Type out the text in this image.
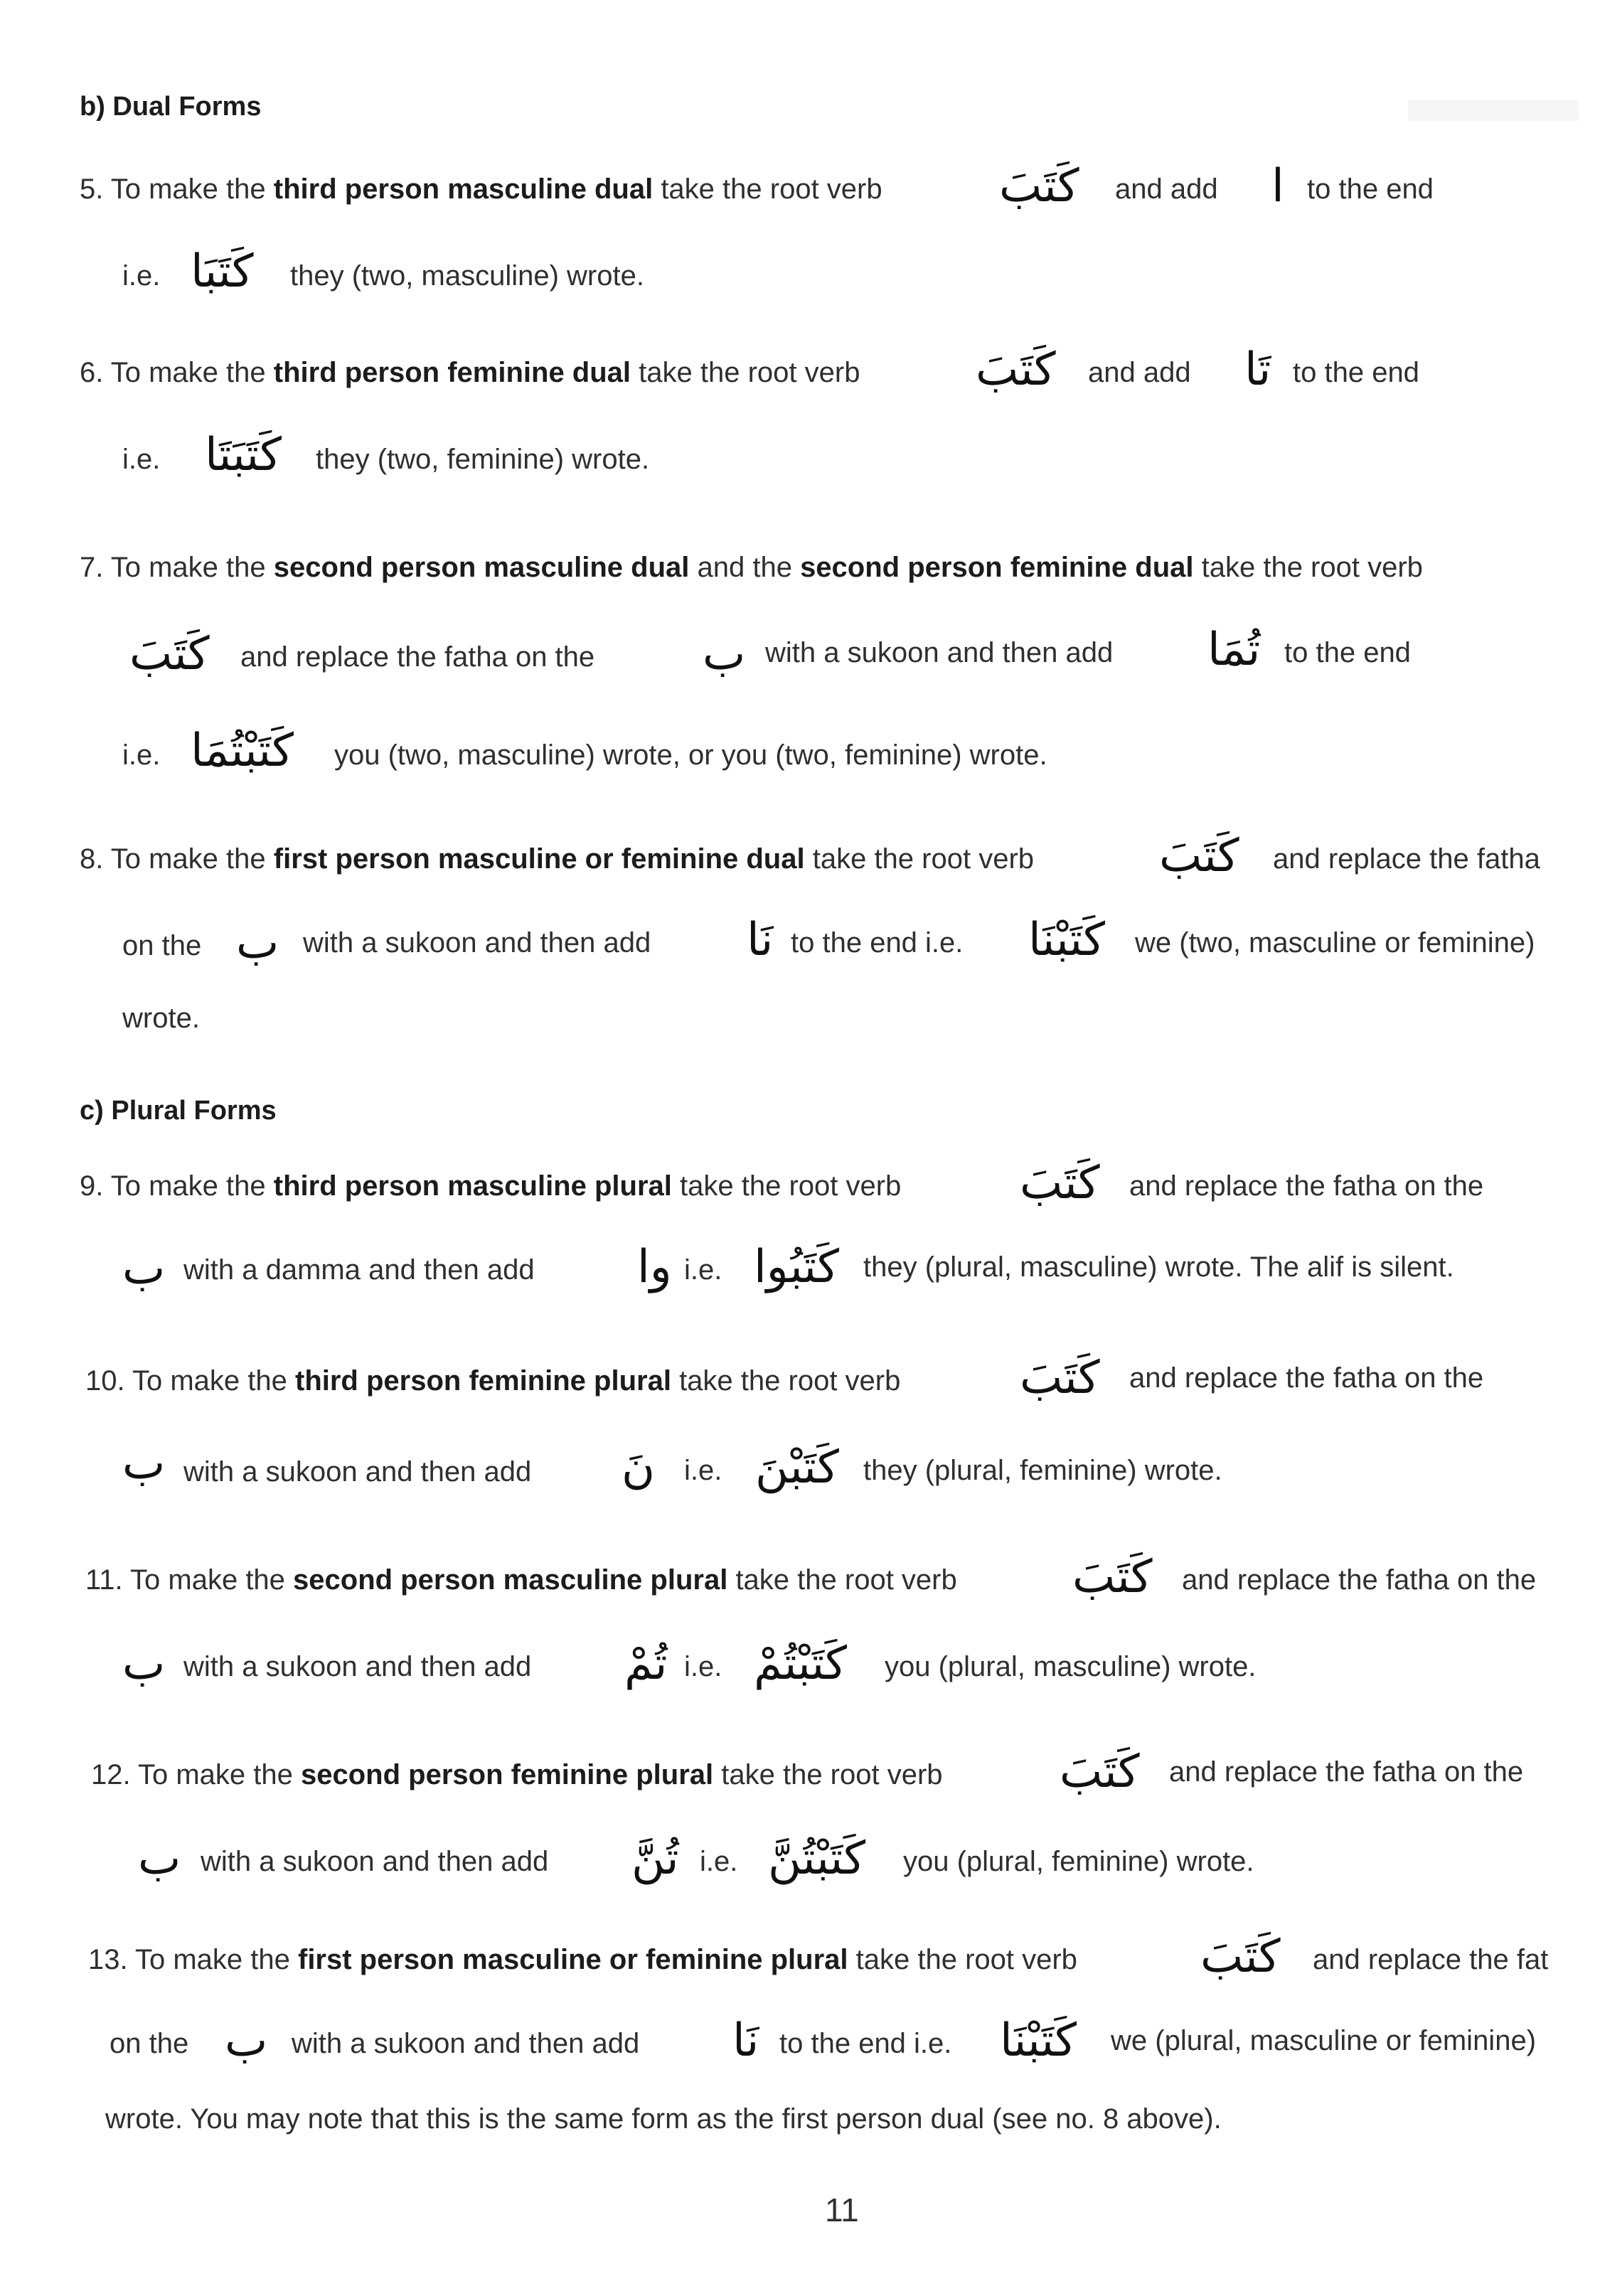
b) Dual Forms
5. To make the third person masculine dual take the root verb	كَتَبَ and add ا to the end
i.e. كَتَبَا they (two, masculine) wrote.
6. To make the third person feminine dual take the root verb	كَتَبَ and add تَا to the end
i.e. كَتَبَتَا they (two, feminine) wrote.
7. To make the second person masculine dual and the second person feminine dual take the root verb
كَتَبَ and replace the fatha on the ب with a sukoon and then add تُمَا to the end
i.e. كَتَبْتُمَا you (two, masculine) wrote, or you (two, feminine) wrote.
8. To make the first person masculine or feminine dual take the root verb	كَتَبَ and replace the fatha
on the ب with a sukoon and then add نَا to the end i.e. كَتَبْنَا we (two, masculine or feminine)
wrote.
c) Plural Forms
9. To make the third person masculine plural take the root verb	كَتَبَ and replace the fatha on the
ب with a damma and then add وا i.e. كَتَبُوا they (plural, masculine) wrote. The alif is silent.
10. To make the third person feminine plural take the root verb	كَتَبَ and replace the fatha on the
ب with a sukoon and then add نَ i.e. كَتَبْنَ they (plural, feminine) wrote.
11. To make the second person masculine plural take the root verb	كَتَبَ and replace the fatha on the
ب with a sukoon and then add تُمْ i.e. كَتَبْتُمْ you (plural, masculine) wrote.
12. To make the second person feminine plural take the root verb	كَتَبَ and replace the fatha on the
ب with a sukoon and then add تُنَّ i.e. كَتَبْتُنَّ you (plural, feminine) wrote.
13. To make the first person masculine or feminine plural take the root verb	كَتَبَ and replace the fat
on the ب with a sukoon and then add نَا to the end i.e. كَتَبْنَا we (plural, masculine or feminine)
wrote. You may note that this is the same form as the first person dual (see no. 8 above).
11
